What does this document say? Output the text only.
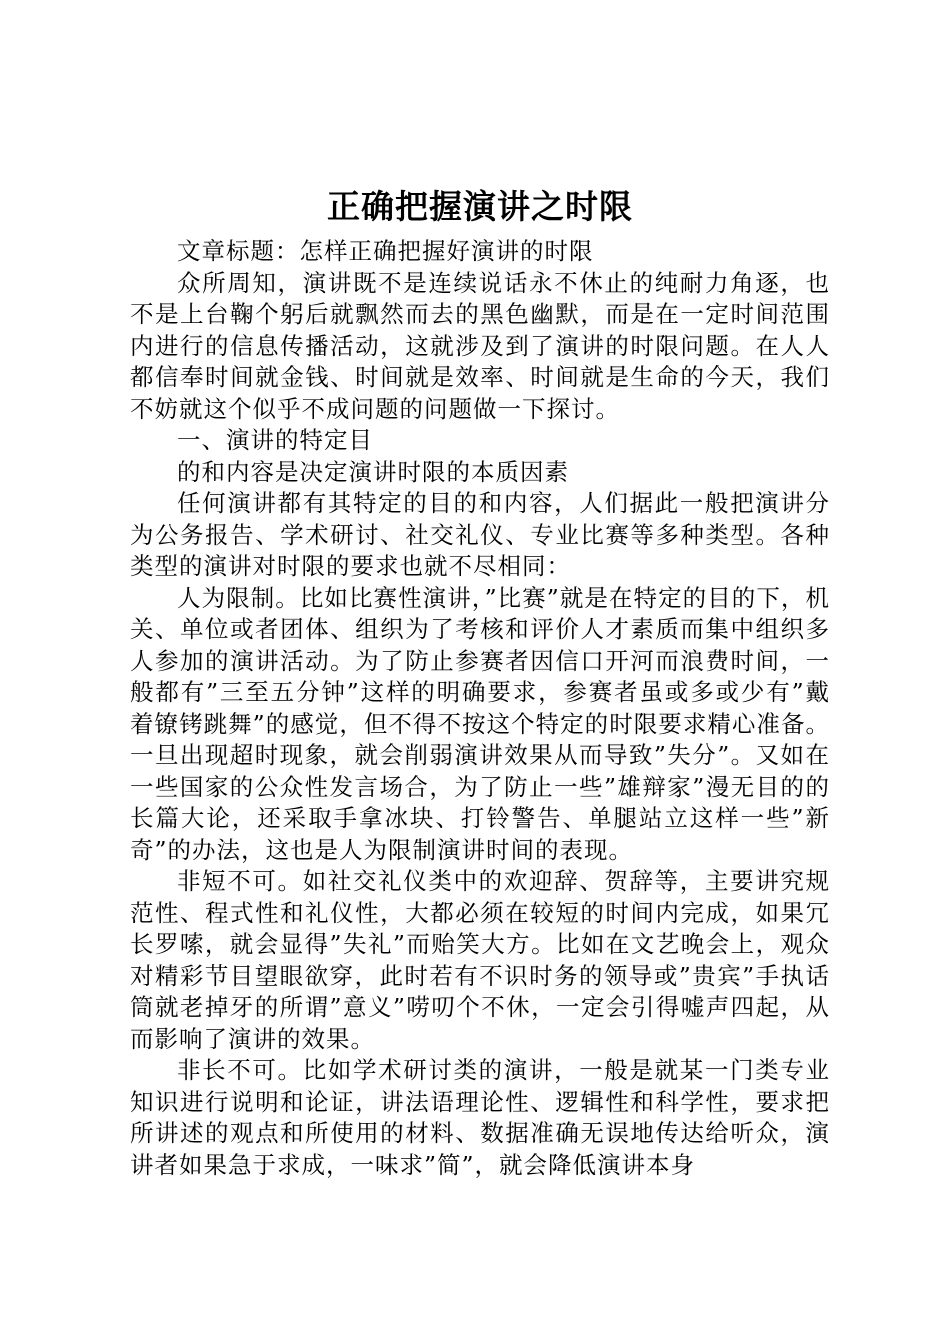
正确把握演讲之时限

文章标题：怎样正确把握好演讲的时限

众所周知，演讲既不是连续说话永不休止的纯耐力角逐，也不是上台鞠个躬后就飘然而去的黑色幽默，而是在一定时间范围内进行的信息传播活动，这就涉及到了演讲的时限问题。在人人都信奉时间就金钱、时间就是效率、时间就是生命的今天，我们不妨就这个似乎不成问题的问题做一下探讨。

一、演讲的特定目

的和内容是决定演讲时限的本质因素

任何演讲都有其特定的目的和内容，人们据此一般把演讲分为公务报告、学术研讨、社交礼仪、专业比赛等多种类型。各种类型的演讲对时限的要求也就不尽相同：

人为限制。比如比赛性演讲，”比赛”就是在特定的目的下，机关、单位或者团体、组织为了考核和评价人才素质而集中组织多人参加的演讲活动。为了防止参赛者因信口开河而浪费时间，一般都有”三至五分钟”这样的明确要求，参赛者虽或多或少有”戴着镣铐跳舞”的感觉，但不得不按这个特定的时限要求精心准备。一旦出现超时现象，就会削弱演讲效果从而导致”失分”。又如在一些国家的公众性发言场合，为了防止一些”雄辩家”漫无目的的长篇大论，还采取手拿冰块、打铃警告、单腿站立这样一些”新奇”的办法，这也是人为限制演讲时间的表现。

非短不可。如社交礼仪类中的欢迎辞、贺辞等，主要讲究规范性、程式性和礼仪性，大都必须在较短的时间内完成，如果冗长罗嗦，就会显得”失礼”而贻笑大方。比如在文艺晚会上，观众对精彩节目望眼欲穿，此时若有不识时务的领导或”贵宾”手执话筒就老掉牙的所谓”意义”唠叨个不休，一定会引得嘘声四起，从而影响了演讲的效果。

非长不可。比如学术研讨类的演讲，一般是就某一门类专业知识进行说明和论证，讲法语理论性、逻辑性和科学性，要求把所讲述的观点和所使用的材料、数据准确无误地传达给听众，演讲者如果急于求成，一味求”简”，就会降低演讲本身
